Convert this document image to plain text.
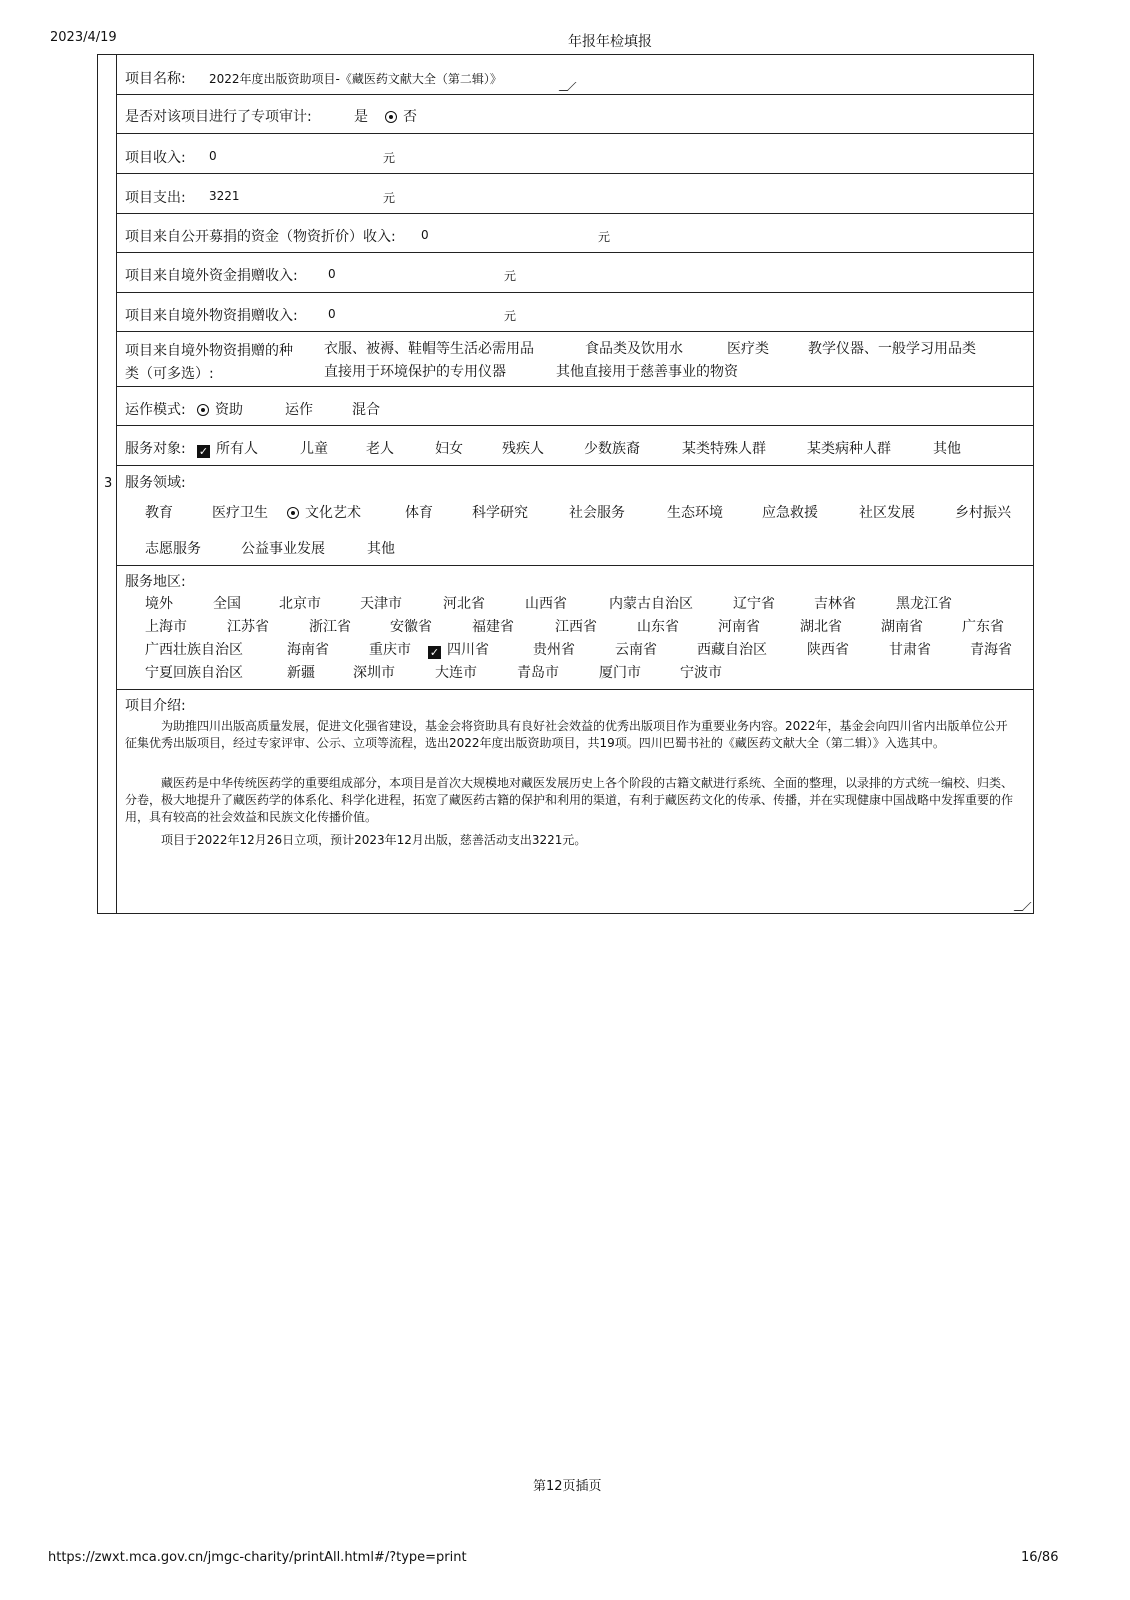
2023/4/19	年报年检填报
3
项目名称: 2022年度出版资助项目-《藏医药文献大全（第二辑）》
是否对该项目进行了专项审计:	是	否
项目收入: 0	元
项目支出: 3221	元
项目来自公开募捐的资金（物资折价）收入: 0	元
项目来自境外资金捐赠收入:	0	元
项目来自境外物资捐赠收入:	0	元
项目来自境外物资捐赠的种
类（可多选）:
衣服、被褥、鞋帽等生活必需用品	食品类及饮用水	医疗类	教学仪器、一般学习用品类
直接用于环境保护的专用仪器	其他直接用于慈善事业的物资
运作模式:	资助	运作	混合
服务对象: ✓ 所有人	儿童	老人	妇女	残疾人	少数族裔	某类特殊人群	某类病种人群	其他
服务领域:
教育	医疗卫生	文化艺术	体育	科学研究	社会服务	生态环境	应急救援	社区发展	乡村振兴
志愿服务	公益事业发展	其他
服务地区:
境外	全国	北京市	天津市	河北省	山西省	内蒙古自治区	辽宁省	吉林省	黑龙江省
上海市	江苏省	浙江省	安徽省	福建省	江西省	山东省	河南省	湖北省	湖南省	广东省
广西壮族自治区	海南省	重庆市 ✓ 四川省	贵州省	云南省	西藏自治区	陕西省	甘肃省	青海省
宁夏回族自治区	新疆	深圳市	大连市	青岛市	厦门市	宁波市
项目介绍:
为助推四川出版高质量发展，促进文化强省建设，基金会将资助具有良好社会效益的优秀出版项目作为重要业务内容。2022年，基金会向四川省内出版单位公开征集优秀出版项目，经过专家评审、公示、立项等流程，选出2022年度出版资助项目，共19项。四川巴蜀书社的《藏医药文献大全（第二辑）》入选其中。
藏医药是中华传统医药学的重要组成部分，本项目是首次大规模地对藏医发展历史上各个阶段的古籍文献进行系统、全面的整理，以录排的方式统一编校、归类、分卷，极大地提升了藏医药学的体系化、科学化进程，拓宽了藏医药古籍的保护和利用的渠道，有利于藏医药文化的传承、传播，并在实现健康中国战略中发挥重要的作用，具有较高的社会效益和民族文化传播价值。
项目于2022年12月26日立项，预计2023年12月出版，慈善活动支出3221元。
第12页插页
https://zwxt.mca.gov.cn/jmgc-charity/printAll.html#/?type=print	16/86
